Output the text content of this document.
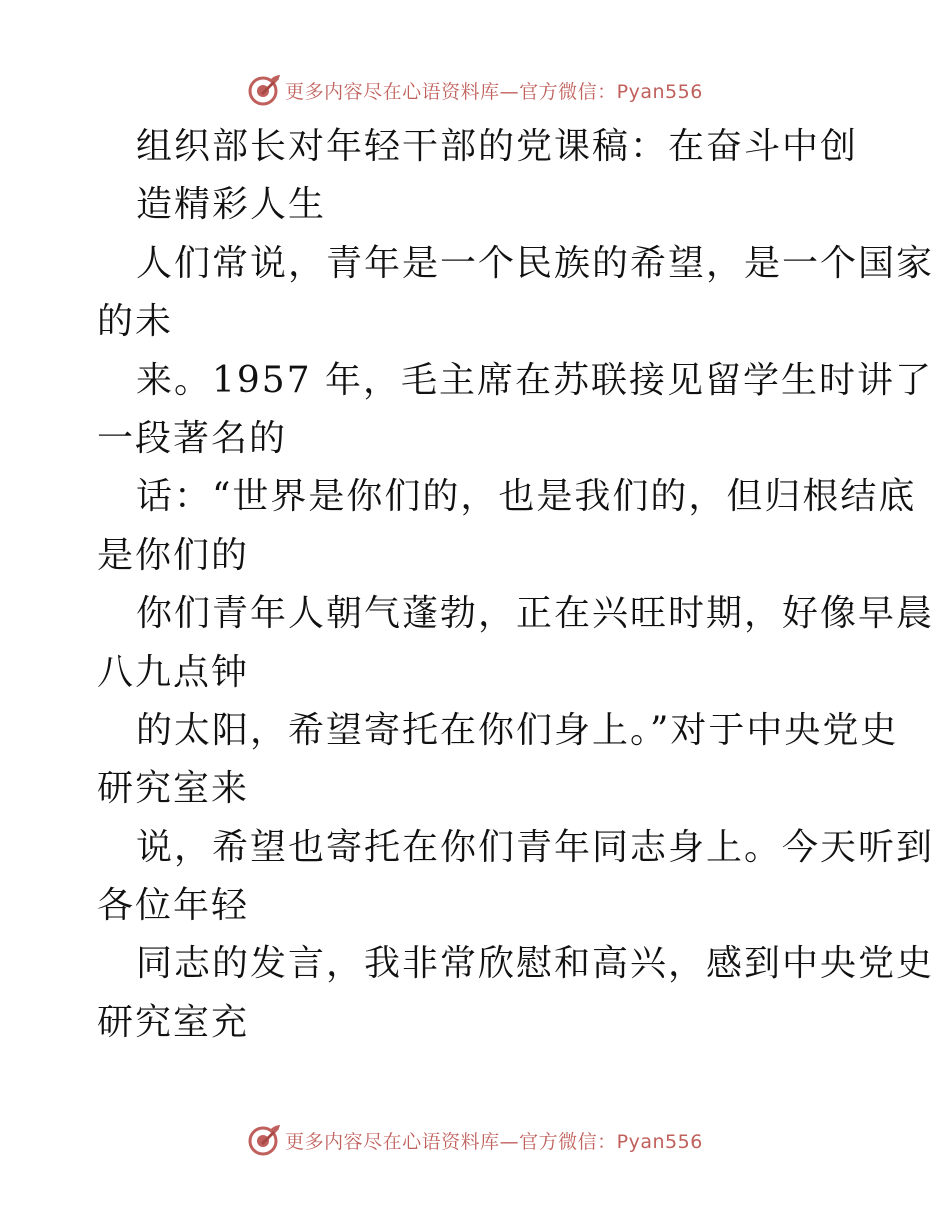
更多内容尽在心语资料库—官方微信：Pyan556
组织部长对年轻干部的党课稿：在奋斗中创
造精彩人生
人们常说，青年是一个民族的希望，是一个国家
的未
来。1957 年，毛主席在苏联接见留学生时讲了
一段著名的
话：“世界是你们的，也是我们的，但归根结底
是你们的
你们青年人朝气蓬勃，正在兴旺时期，好像早晨
八九点钟
的太阳，希望寄托在你们身上。”对于中央党史
研究室来
说，希望也寄托在你们青年同志身上。今天听到
各位年轻
同志的发言，我非常欣慰和高兴，感到中央党史
研究室充
更多内容尽在心语资料库—官方微信：Pyan556
